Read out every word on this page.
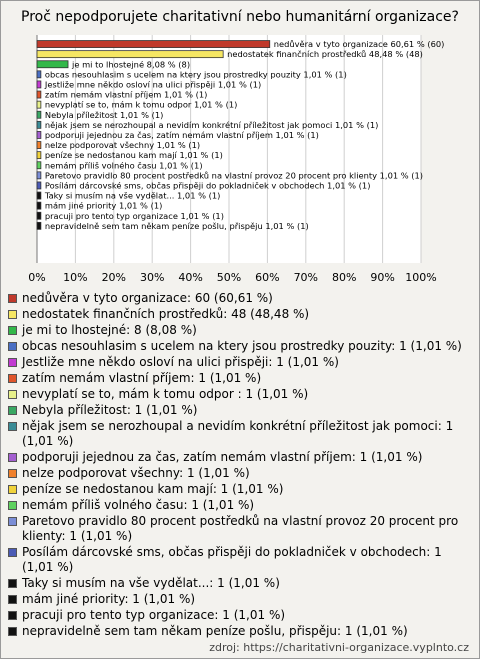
Proč nepodporujete charitativní nebo humanitární organizace?
nedůvěra v tyto organizace 60,61 % (60)
nedostatek finančních prostředků 48,48 % (48)
je mi to lhostejné 8,08 % (8)
obcas nesouhlasim s ucelem na ktery jsou prostredky pouzity 1,01 % (1)
Jestliže mne někdo osloví na ulici přispěji 1,01 % (1)
zatím nemám vlastní příjem 1,01 % (1)
nevyplatí se to, mám k tomu odpor 1,01 % (1)
Nebyla příležitost 1,01 % (1)
nějak jsem se nerozhoupal a nevidím konkrétní příležitost jak pomoci 1,01 % (1)
podporuji jejednou za čas, zatím nemám vlastní příjem 1,01 % (1)
nelze podporovat všechny 1,01 % (1)
peníze se nedostanou kam mají 1,01 % (1)
nemám příliš volného času 1,01 % (1)
Paretovo pravidlo 80 procent postředků na vlastní provoz 20 procent pro klienty 1,01 % (1)
Posílám dárcovské sms, občas přispěji do pokladniček v obchodech 1,01 % (1)
Taky si musím na vše vydělat... 1,01 % (1)
mám jiné priority 1,01 % (1)
pracuji pro tento typ organizace 1,01 % (1)
nepravidelně sem tam někam peníze pošlu, přispěju 1,01 % (1)
0% 10% 20% 30% 40% 50% 60% 70% 80% 90% 100%
nedůvěra v tyto organizace: 60 (60,61 %)
nedostatek finančních prostředků: 48 (48,48 %)
je mi to lhostejné: 8 (8,08 %)
obcas nesouhlasim s ucelem na ktery jsou prostredky pouzity: 1 (1,01 %)
Jestliže mne někdo osloví na ulici přispěji: 1 (1,01 %)
zatím nemám vlastní příjem: 1 (1,01 %)
nevyplatí se to, mám k tomu odpor : 1 (1,01 %)
Nebyla příležitost: 1 (1,01 %)
nějak jsem se nerozhoupal a nevidím konkrétní příležitost jak pomoci: 1 (1,01 %)
podporuji jejednou za čas, zatím nemám vlastní příjem: 1 (1,01 %)
nelze podporovat všechny: 1 (1,01 %)
peníze se nedostanou kam mají: 1 (1,01 %)
nemám příliš volného času: 1 (1,01 %)
Paretovo pravidlo 80 procent postředků na vlastní provoz 20 procent pro klienty: 1 (1,01 %)
Posílám dárcovské sms, občas přispěji do pokladniček v obchodech: 1 (1,01 %)
Taky si musím na vše vydělat...: 1 (1,01 %)
mám jiné priority: 1 (1,01 %)
pracuji pro tento typ organizace: 1 (1,01 %)
nepravidelně sem tam někam peníze pošlu, přispěju: 1 (1,01 %)
zdroj: https://charitativni-organizace.vyplnto.cz
